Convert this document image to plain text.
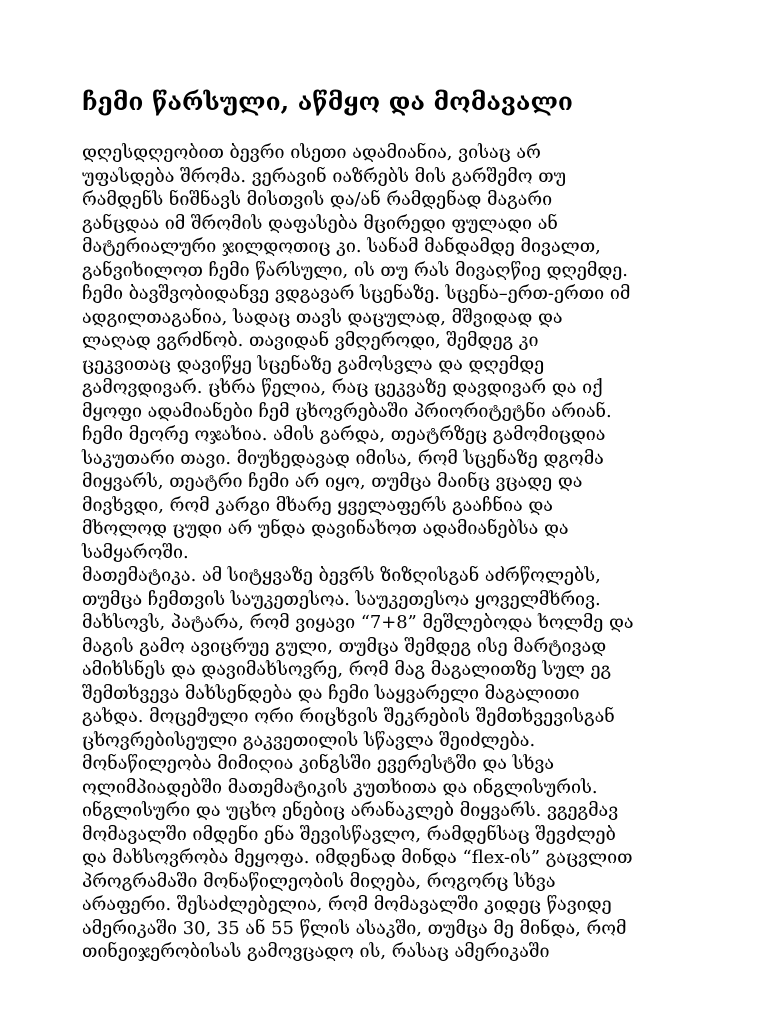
ჩემი წარსული, აწმყო და მომავალი
დღესდღეობით ბევრი ისეთი ადამიანია, ვისაც არ
უფასდება შრომა. ვერავინ იაზრებს მის გარშემო თუ
რამდენს ნიშნავს მისთვის და/ან რამდენად მაგარი
განცდაა იმ შრომის დაფასება მცირედი ფულადი ან
მატერიალური ჯილდოთიც კი. სანამ მანდამდე მივალთ,
განვიხილოთ ჩემი წარსული, ის თუ რას მივაღწიე დღემდე.
ჩემი ბავშვობიდანვე ვდგავარ სცენაზე. სცენა–ერთ-ერთი იმ
ადგილთაგანია, სადაც თავს დაცულად, მშვიდად და
ლაღად ვგრძნობ. თავიდან ვმღეროდი, შემდეგ კი
ცეკვითაც დავიწყე სცენაზე გამოსვლა და დღემდე
გამოვდივარ. ცხრა წელია, რაც ცეკვაზე დავდივარ და იქ
მყოფი ადამიანები ჩემ ცხოვრებაში პრიორიტეტნი არიან.
ჩემი მეორე ოჯახია. ამის გარდა, თეატრზეც გამომიცდია
საკუთარი თავი. მიუხედავად იმისა, რომ სცენაზე დგომა
მიყვარს, თეატრი ჩემი არ იყო, თუმცა მაინც ვცადე და
მივხვდი, რომ კარგი მხარე ყველაფერს გააჩნია და
მხოლოდ ცუდი არ უნდა დავინახოთ ადამიანებსა და
სამყაროში.
მათემატიკა. ამ სიტყვაზე ბევრს ზიზღისგან აძრწოლებს,
თუმცა ჩემთვის საუკეთესოა. საუკეთესოა ყოველმხრივ.
მახსოვს, პატარა, რომ ვიყავი “7+8” მეშლებოდა ხოლმე და
მაგის გამო ავიცრუე გული, თუმცა შემდეგ ისე მარტივად
ამიხსნეს და დავიმახსოვრე, რომ მაგ მაგალითზე სულ ეგ
შემთხვევა მახსენდება და ჩემი საყვარელი მაგალითი
გახდა. მოცემული ორი რიცხვის შეკრების შემთხვევისგან
ცხოვრებისეული გაკვეთილის სწავლა შეიძლება.
მონაწილეობა მიმიღია კინგსში ევერესტში და სხვა
ოლიმპიადებში მათემატიკის კუთხითა და ინგლისურის.
ინგლისური და უცხო ენებიც არანაკლებ მიყვარს. ვგეგმავ
მომავალში იმდენი ენა შევისწავლო, რამდენსაც შევძლებ
და მახსოვრობა მეყოფა. იმდენად მინდა “flex-ის” გაცვლით
პროგრამაში მონაწილეობის მიღება, როგორც სხვა
არაფერი. შესაძლებელია, რომ მომავალში კიდეც წავიდე
ამერიკაში 30, 35 ან 55 წლის ასაკში, თუმცა მე მინდა, რომ
თინეიჯერობისას გამოვცადო ის, რასაც ამერიკაში
